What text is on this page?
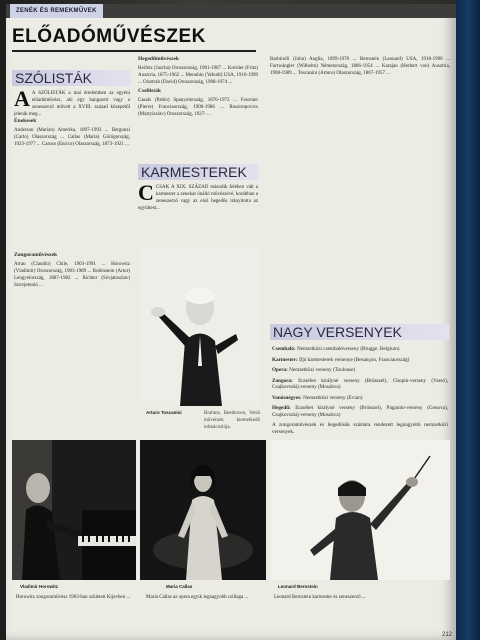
ZENÉK ÉS REMEKMŰVEK
ELŐADÓMŰVÉSZEK
SZÓLISTÁK
A A SZÓLISTÁK a mai értelemben az egyéni előadóművész, aki egy hangszert vagy a zeneszerző műveit a XVIII. század közepétől jelenik meg...

Énekesek

Anderson (Marian) Amerika, 1897-1993 ... Bergonzi (Carlo) Olaszország ... Callas (Maria) Görögország, 1923-1977 ... Caruso (Enrico) Olaszország, 1873-1921 ...

Zongoraművészek

Arrau (Claudio) Chile, 1903-1991 ... Horowitz (Vladimir) Oroszország, 1903-1989 ... Rubinstein (Artur) Lengyelország, 1887-1982 ... Richter (Szvjatoszlav) Szovjetunió ...

Hegedűművészek

Heifetz (Jascha) Oroszország, 1901-1987 ... Kreisler (Fritz) Ausztria, 1875-1962 ... Menuhin (Yehudi) USA, 1916-1999 ... Oisztrah (David) Oroszország, 1908-1974 ...

Csellisták

Casals (Pablo) Spanyolország, 1876-1973 ... Fournier (Pierre) Franciaország, 1906-1986 ... Rosztropovics (Msztyiszlav) Oroszország, 1927- ...

KARMESTEREK
C CSAK A XIX. SZÁZAD második felében vált a karmester a zenekar önálló művészévé, korábban a zeneszerző vagy az első hegedűs irányította az együttest...
Arturo Toscanini	Brahms, Beethoven, Verdi műveinek kiemelkedő tolmácsolója.

Barbirolli (John) Anglia, 1899-1970 ... Bernstein (Leonard) USA, 1918-1990 ... Furtwängler (Wilhelm) Németország, 1886-1954 ... Karajan (Herbert von) Ausztria, 1908-1989 ... Toscanini (Arturo) Olaszország, 1867-1957 ...

NAGY VERSENYEK

Csembaló: Nemzetközi csembalóverseny (Brugge, Belgium)

Karmester: Ifjú karmesterek versenye (Besançon, Franciaország)

Opera: Nemzetközi verseny (Toulouse)

Zongora: Erzsébet királyné verseny (Brüsszel), Chopin-verseny (Varsó), Csajkovszkij-verseny (Moszkva)

Vonósnégyes: Nemzetközi verseny (Evian)

Hegedű: Erzsébet királyné verseny (Brüsszel), Paganini-verseny (Genova), Csajkovszkij-verseny (Moszkva)

A zongoraművészek és hegedűsök számára rendezett legnagyobb nemzetközi versenyek.

Vladimir Horowitz	Maria Callas	Leonard Bernstein
Horowitz zongoraművész 1903-ban született Kijevben ...	Maria Callas az opera egyik legnagyobb csillaga ...	Leonard Bernstein karmester és zeneszerző ...
212
